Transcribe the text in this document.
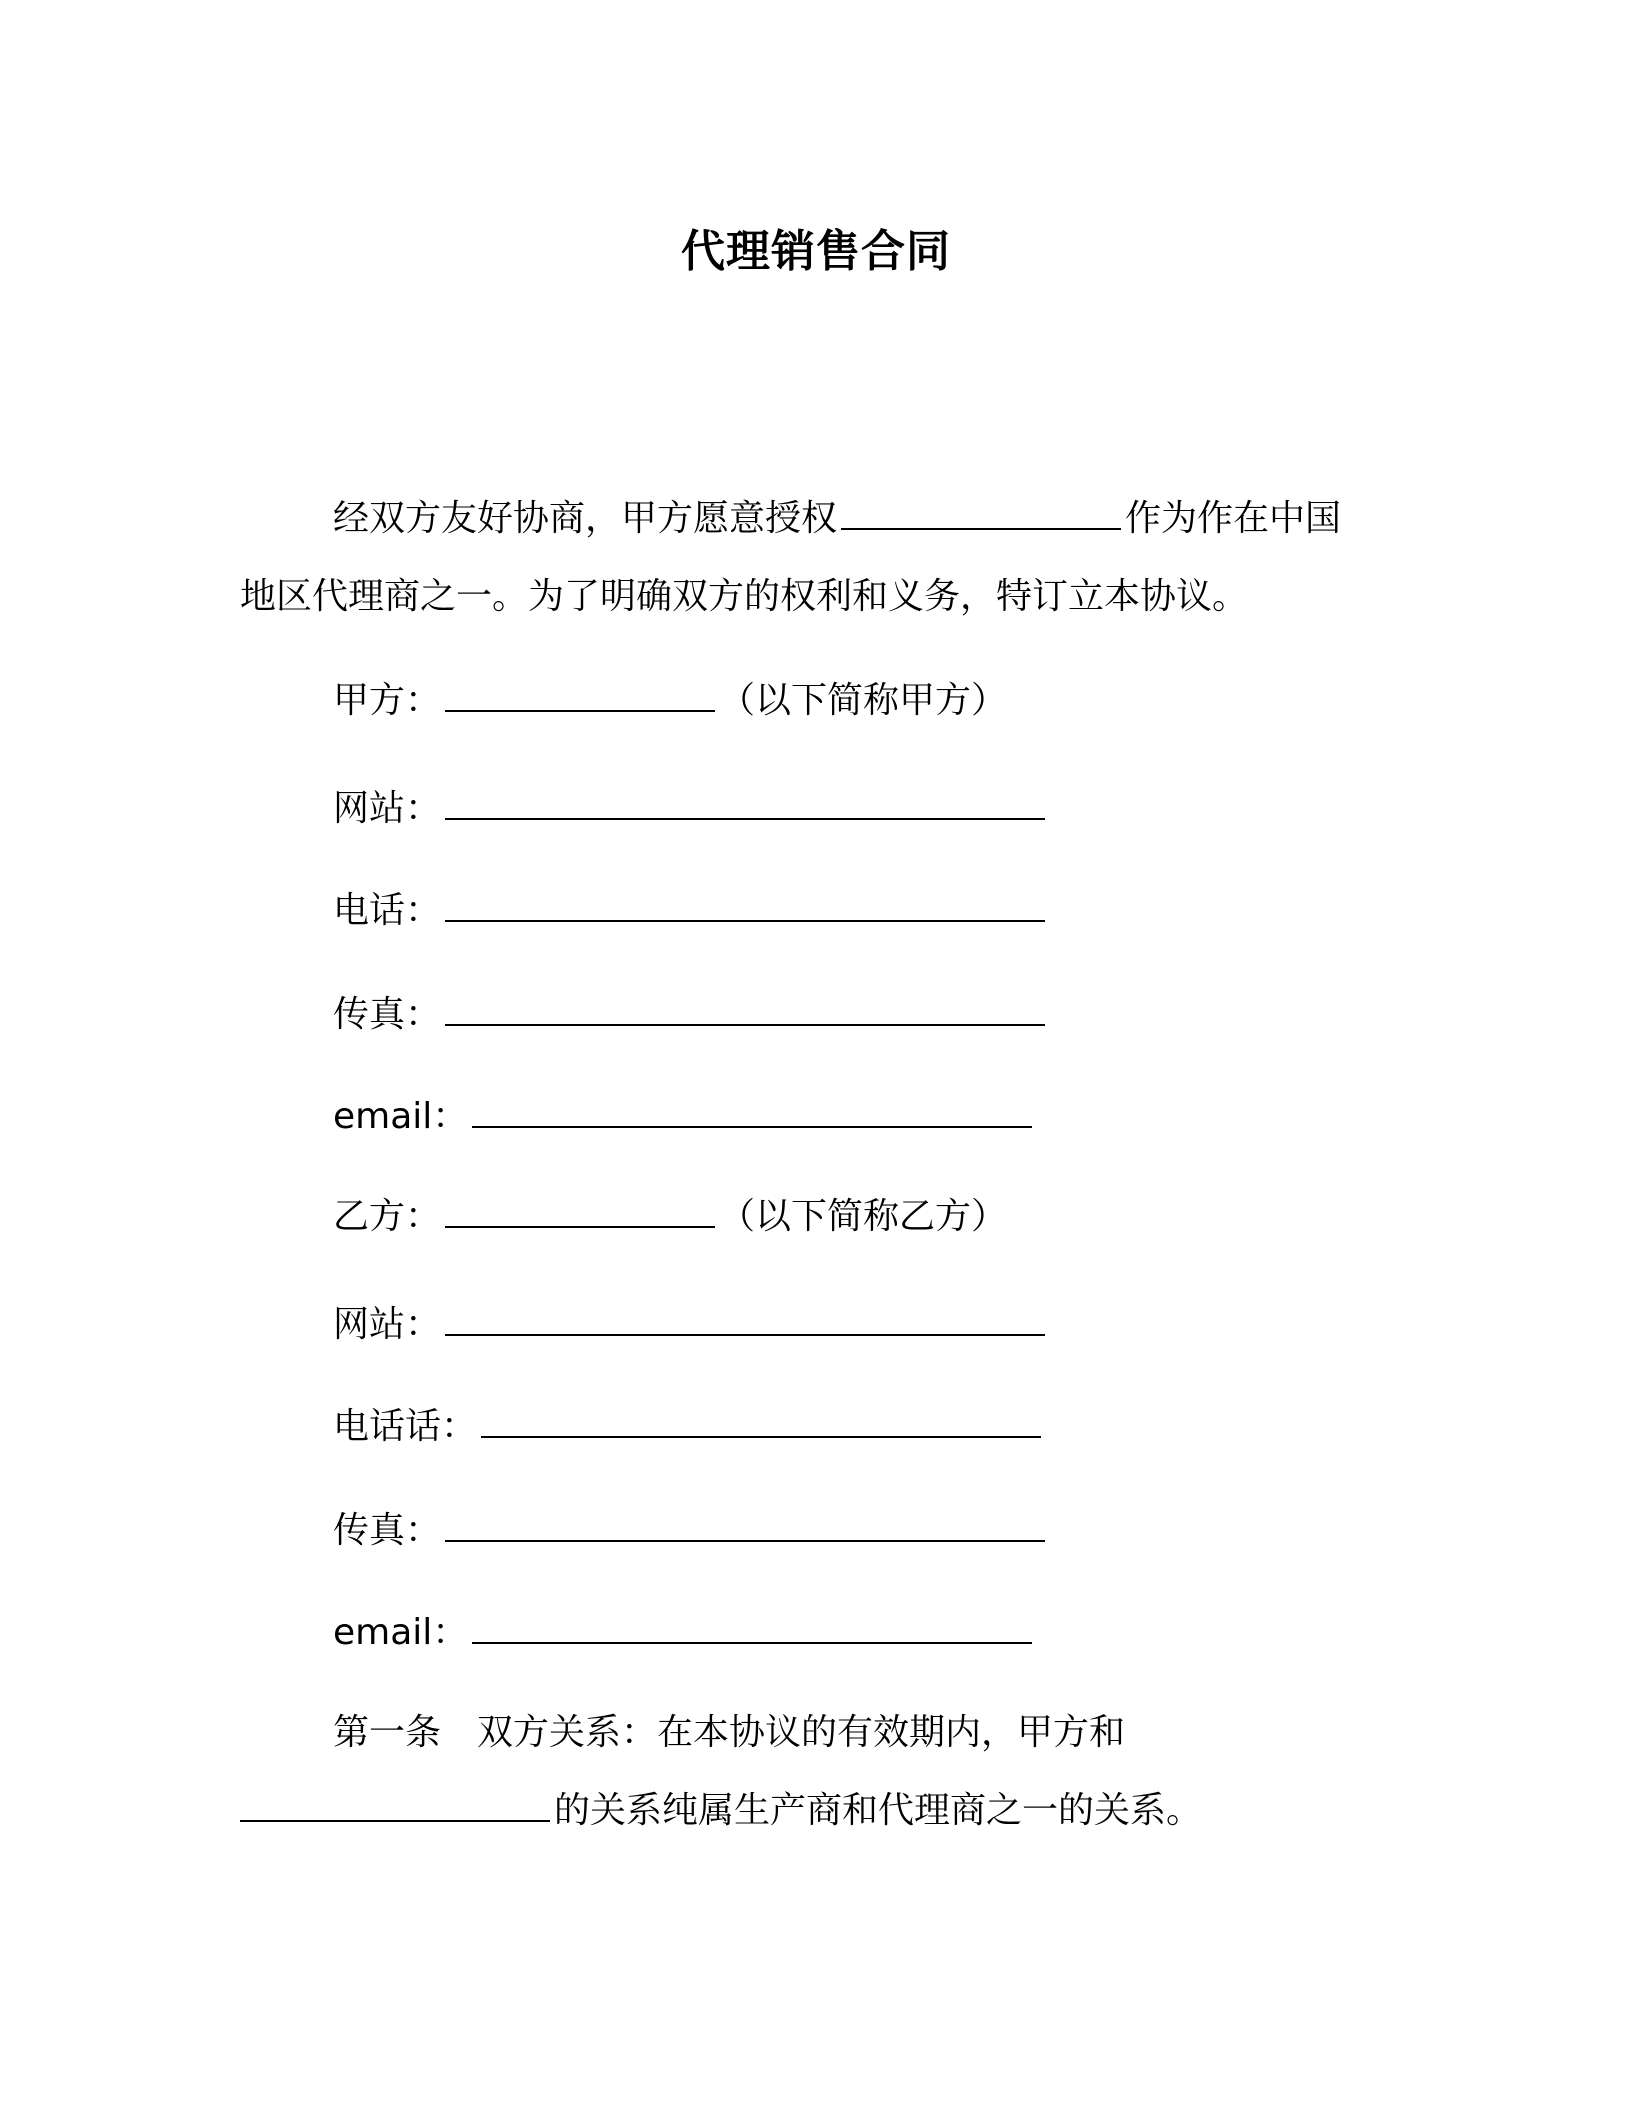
代理销售合同
经双方友好协商，甲方愿意授权	作为作在中国
地区代理商之一。为了明确双方的权利和义务，特订立本协议。
甲方：	（以下简称甲方）
网站：
电话：
传真：
email：
乙方：	（以下简称乙方）
网站：
电话话：
传真：
email：
第一条　双方关系：在本协议的有效期内，甲方和
的关系纯属生产商和代理商之一的关系。
